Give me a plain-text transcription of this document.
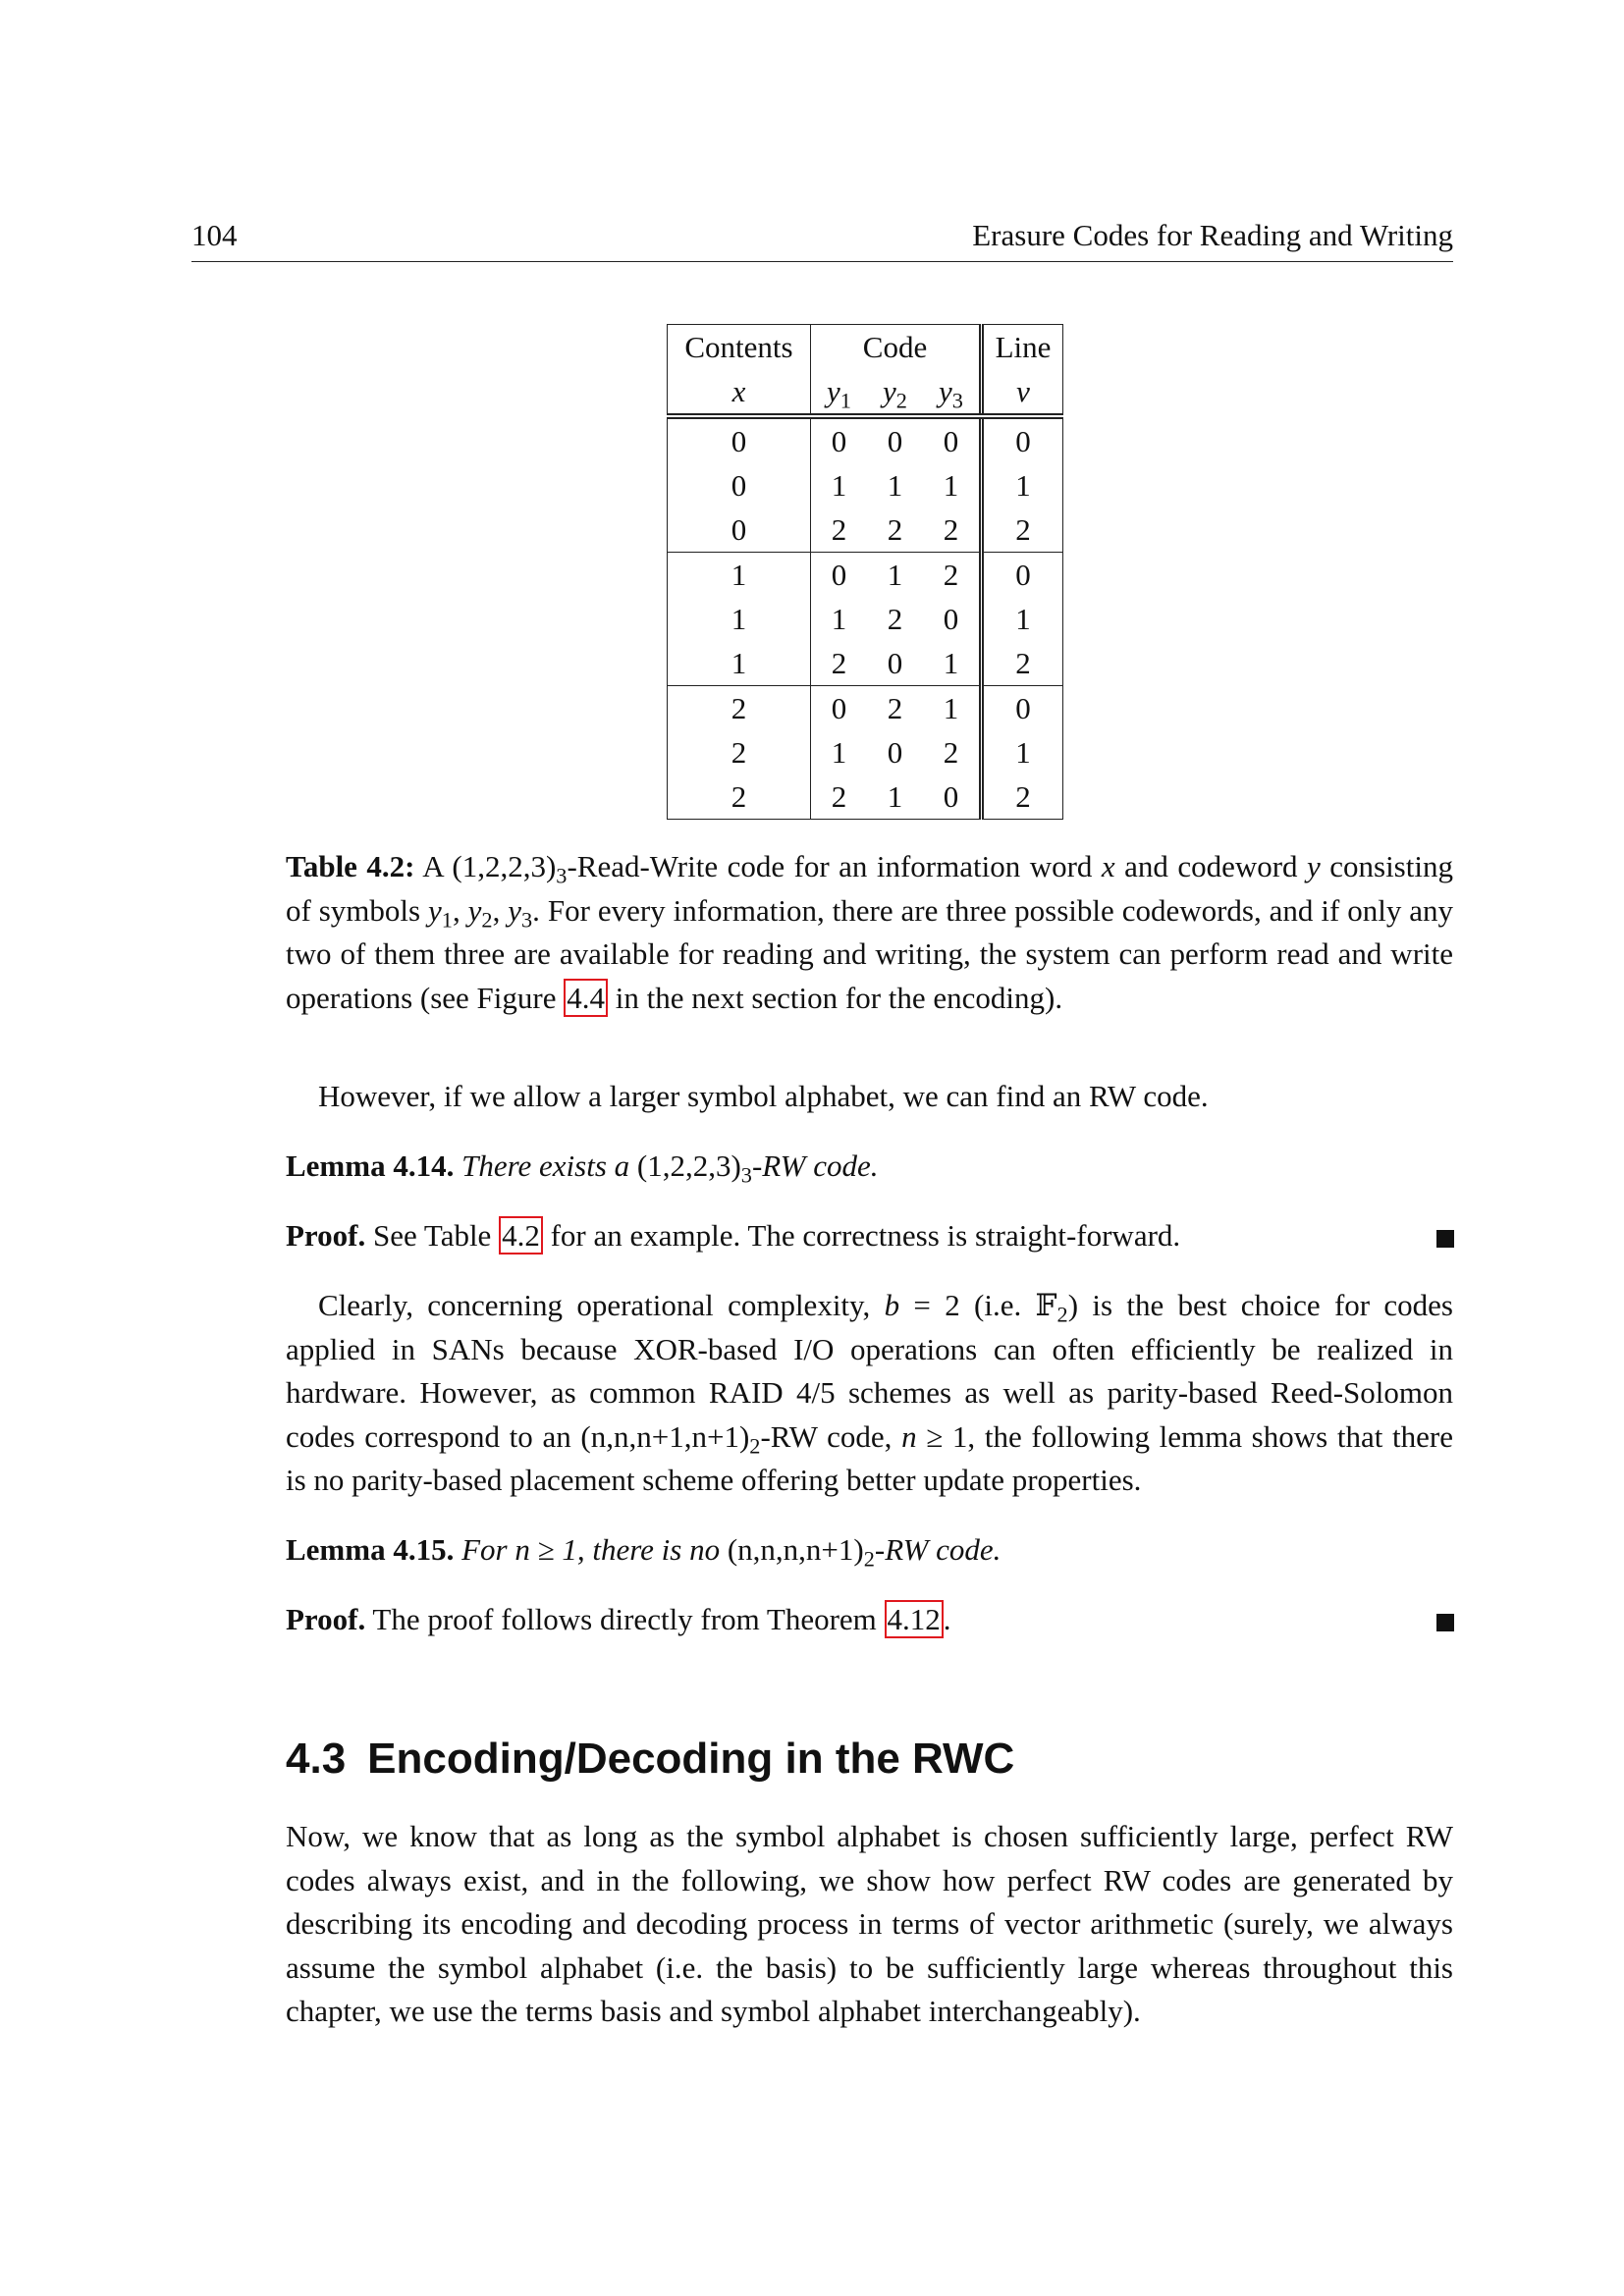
104	Erasure Codes for Reading and Writing
Contents	Code			Line
x	$y_1$	$y_2$	$y_3$	v
0	0	0	0	0
0	1	1	1	1
0	2	2	2	2
1	0	1	2	0
1	1	2	0	1
1	2	0	1	2
2	0	2	1	0
2	1	0	2	1
2	2	1	0	2

Table 4.2: A $(1,2,2,3)_3-Read$-Write code for an information word x and codeword y consisting of symbols $y_1$, $y_2$, $y_3$. For every information, there are three possible codewords, and if only any two of them three are available for reading and writing, the system can perform read and write operations (see Figure 4.4 in the next section for the encoding).

However, if we allow a larger symbol alphabet, we can find an RW code.

Lemma 4.14. There exists a $(1,2,2,3)_3-RW$ code.

Proof. See Table 4.2 for an example. The correctness is straight-forward.

Clearly, concerning operational complexity, b = 2 (i.e. 𝔽$_2$) is the best choice for codes applied in SANs because XOR-based I/O operations can often efficiently be realized in hardware. However, as common RAID 4/5 schemes as well as parity-based Reed-Solomon codes correspond to an $(n,n,n+1,n+1)_2-RW$ code, n ≥ 1, the following lemma shows that there is no parity-based placement scheme offering better update properties.

Lemma 4.15. For n ≥ 1, there is no $(n,n,n,n+1)_2-RW$ code.

Proof. The proof follows directly from Theorem 4.12.

4.3 Encoding/Decoding in the RWC

Now, we know that as long as the symbol alphabet is chosen sufficiently large, perfect RW codes always exist, and in the following, we show how perfect RW codes are generated by describing its encoding and decoding process in terms of vector arithmetic (surely, we always assume the symbol alphabet (i.e. the basis) to be sufficiently large whereas throughout this chapter, we use the terms basis and symbol alphabet interchangeably).
